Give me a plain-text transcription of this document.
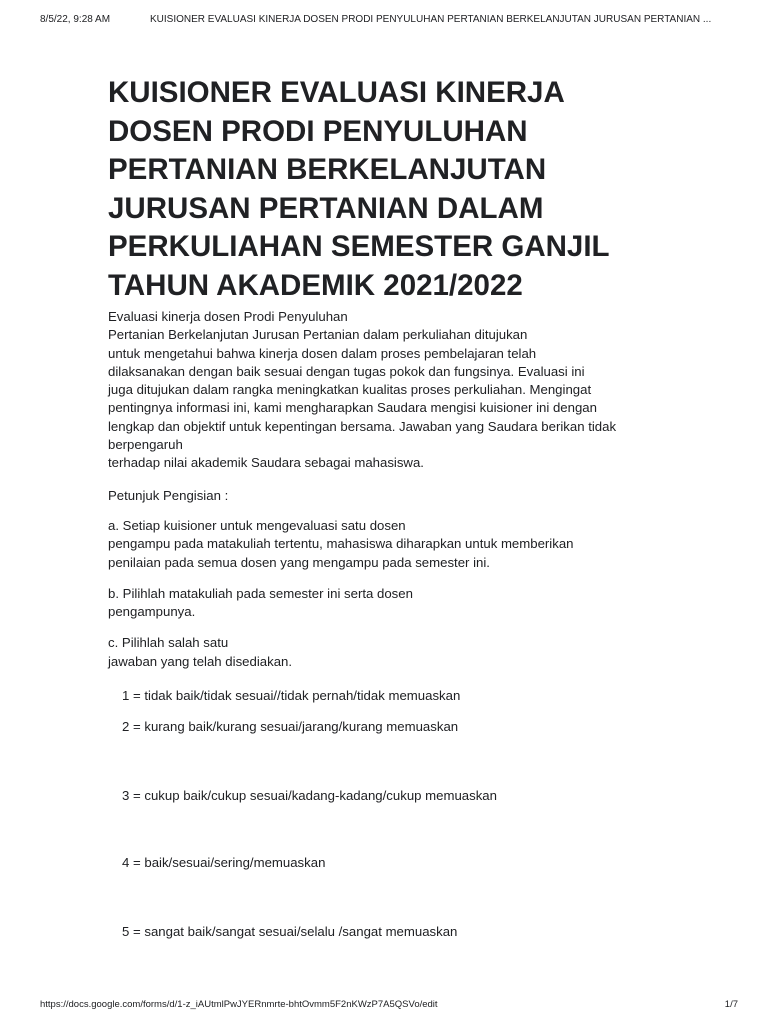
8/5/22, 9:28 AM	KUISIONER EVALUASI KINERJA DOSEN PRODI PENYULUHAN PERTANIAN BERKELANJUTAN JURUSAN PERTANIAN ...
KUISIONER EVALUASI KINERJA
DOSEN PRODI PENYULUHAN
PERTANIAN BERKELANJUTAN
JURUSAN PERTANIAN DALAM
PERKULIAHAN SEMESTER GANJIL
TAHUN AKADEMIK 2021/2022

Evaluasi kinerja dosen Prodi Penyuluhan
Pertanian Berkelanjutan Jurusan Pertanian dalam perkuliahan ditujukan
untuk mengetahui bahwa kinerja dosen dalam proses pembelajaran telah
dilaksanakan dengan baik sesuai dengan tugas pokok dan fungsinya. Evaluasi ini
juga ditujukan dalam rangka meningkatkan kualitas proses perkuliahan. Mengingat
pentingnya informasi ini, kami mengharapkan Saudara mengisi kuisioner ini dengan
lengkap dan objektif untuk kepentingan bersama. Jawaban yang Saudara berikan tidak
berpengaruh
terhadap nilai akademik Saudara sebagai mahasiswa.

Petunjuk Pengisian :

a. Setiap kuisioner untuk mengevaluasi satu dosen
pengampu pada matakuliah tertentu, mahasiswa diharapkan untuk memberikan
penilaian pada semua dosen yang mengampu pada semester ini.

b. Pilihlah matakuliah pada semester ini serta dosen
pengampunya.

c. Pilihlah salah satu
jawaban yang telah disediakan.

1 = tidak baik/tidak sesuai//tidak pernah/tidak memuaskan
2 = kurang baik/kurang sesuai/jarang/kurang memuaskan
3 = cukup baik/cukup sesuai/kadang-kadang/cukup memuaskan
4 = baik/sesuai/sering/memuaskan
5 = sangat baik/sangat sesuai/selalu /sangat memuaskan
https://docs.google.com/forms/d/1-z_iAUtmlPwJYERnmrte-bhtOvmm5F2nKWzP7A5QSVo/edit	1/7
